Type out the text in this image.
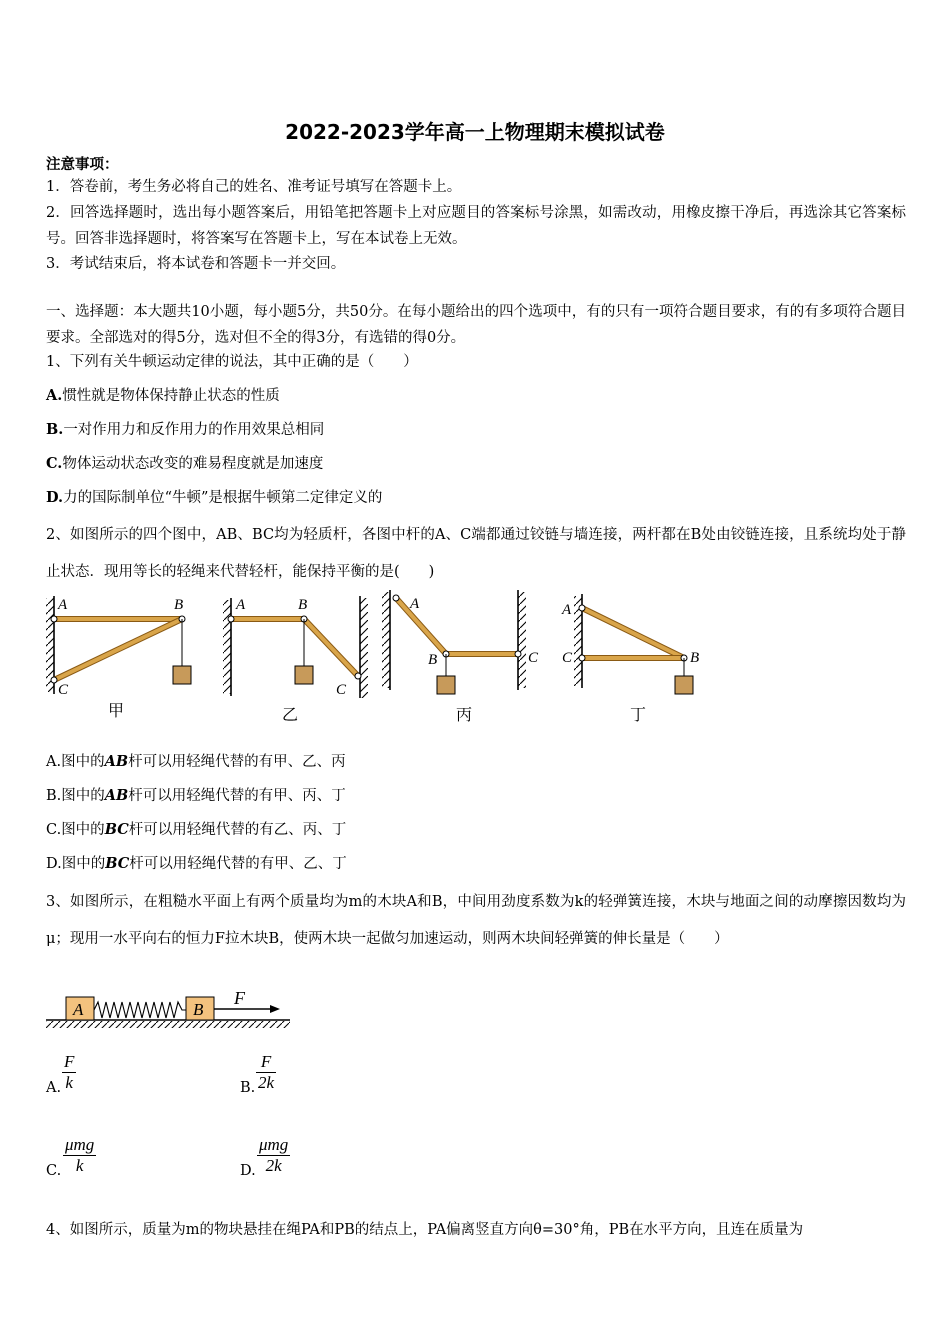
2022-2023学年高一上物理期末模拟试卷
注意事项：
1．答卷前，考生务必将自己的姓名、准考证号填写在答题卡上。
2．回答选择题时，选出每小题答案后，用铅笔把答题卡上对应题目的答案标号涂黑，如需改动，用橡皮擦干净后，再选涂其它答案标号。回答非选择题时，将答案写在答题卡上，写在本试卷上无效。
3．考试结束后，将本试卷和答题卡一并交回。
一、选择题：本大题共10小题，每小题5分，共50分。在每小题给出的四个选项中，有的只有一项符合题目要求，有的有多项符合题目要求。全部选对的得5分，选对但不全的得3分，有选错的得0分。
1、下列有关牛顿运动定律的说法，其中正确的是（　　）
A.惯性就是物体保持静止状态的性质
B.一对作用力和反作用力的作用效果总相同
C.物体运动状态改变的难易程度就是加速度
D.力的国际制单位“牛顿”是根据牛顿第二定律定义的
2、如图所示的四个图中，AB、BC均为轻质杆，各图中杆的A、C端都通过铰链与墙连接，两杆都在B处由铰链连接，且系统均处于静止状态．现用等长的轻绳来代替轻杆，能保持平衡的是(　　)
A	B
C
甲
A	B
C
乙
A
B	C
丙
A
C	B
丁
A.图中的AB杆可以用轻绳代替的有甲、乙、丙
B.图中的AB杆可以用轻绳代替的有甲、丙、丁
C.图中的BC杆可以用轻绳代替的有乙、丙、丁
D.图中的BC杆可以用轻绳代替的有甲、乙、丁
3、如图所示，在粗糙水平面上有两个质量均为m的木块A和B，中间用劲度系数为k的轻弹簧连接，木块与地面之间的动摩擦因数均为μ；现用一水平向右的恒力F拉木块B，使两木块一起做匀加速运动，则两木块间轻弹簧的伸长量是（　　）
A	B
F
A.
F
k	B.
F
2k
C.
μmg
k	D.
μmg
2k
4、如图所示，质量为m的物块悬挂在绳PA和PB的结点上，PA偏离竖直方向θ=30°角，PB在水平方向，且连在质量为
